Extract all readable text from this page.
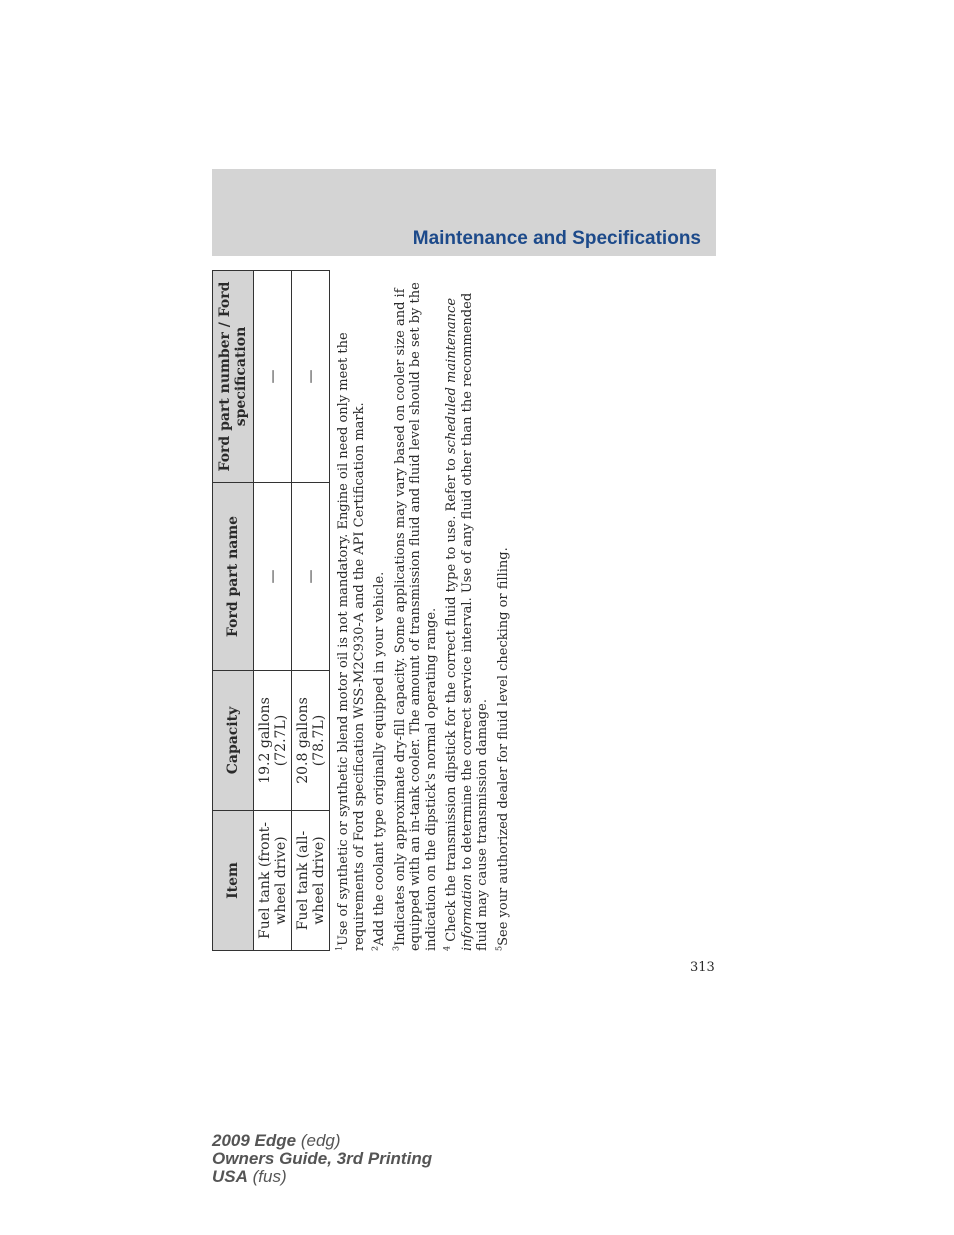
Maintenance and Specifications
Item	Capacity	Ford part name	Ford part number / Ford specification
Fuel tank (front-wheel drive)	19.2 gallons (72.7L)	—	—
Fuel tank (all-wheel drive)	20.8 gallons (78.7L)	—	—

$^1$Use of synthetic or synthetic blend motor oil is not mandatory. Engine oil need only meet the requirements of Ford specification WSS-M2C930-A and the API Certification mark. $^2$Add the coolant type originally equipped in your vehicle.

$^3$Indicates only approximate dry-fill capacity. Some applications may vary based on cooler size and if equipped with an in-tank cooler. The amount of transmission fluid and fluid level should be set by the indication on the dipstick's normal operating range. $^4$ Check the transmission dipstick for the correct fluid type to use. Refer to scheduled maintenance information to determine the correct service interval. Use of any fluid other than the recommended fluid may cause transmission damage. $^5$See your authorized dealer for fluid level checking or filling.

313
2009 Edge (edg)
Owners Guide, 3rd Printing
USA (fus)
